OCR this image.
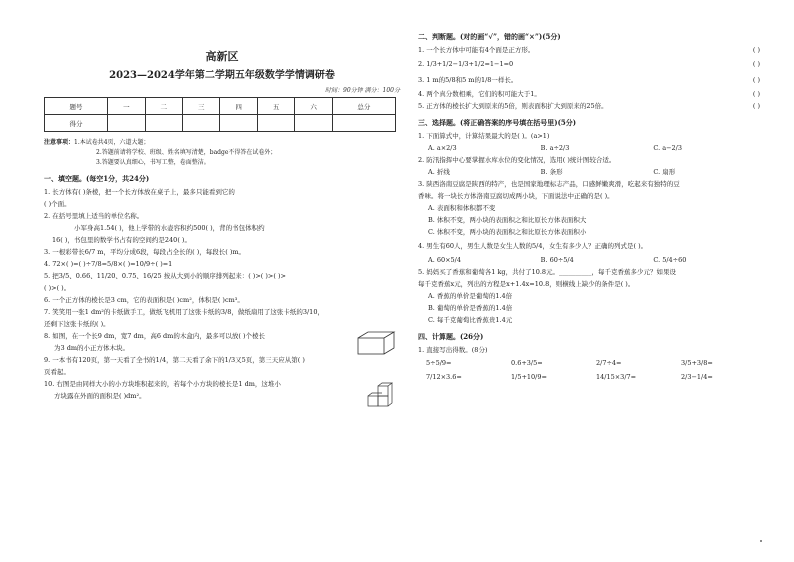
高新区
2023—2024学年第二学期五年级数学学情调研卷
时间：90分钟 满分：100分
题号	一	二	三	四	五	六	总分
得分							
注意事项：1.本试卷共4页，六道大题；
2.答题前请将学校、班级、姓名填写清楚，badge不得答在试卷外；
3.答题要认真细心，书写工整，卷面整洁。
一、填空题。(每空1分，共24分)
1. 长方体有( )条棱，把一个长方体放在桌子上，最多只能看到它的
( )个面。
2. 在括号里填上适当的单位名称。
小军身高1.54( )，他上学带的水壶容积约500( )，背的书包体积约
16( )，书包里的数学书占有的空间约是240( )。
3. 一根彩带长6/7 m，平均分成6段，每段占全长的( )，每段长( )m。
4. 72×( )=( )÷7/8=5/8×( )=10/9÷( )=1
5. 把3/5、0.66、11/20、0.75、16/25 按从大到小的顺序排列起来：( )>( )>( )>
( )>( )。
6. 一个正方体的棱长是3 cm，它的表面积是( )cm²，体积是( )cm³。
7. 笑笑用一张1 dm²的卡纸做手工，做纸飞机用了这张卡纸的3/8，做纸扇用了这张卡纸的3/10，
还剩下这张卡纸的( )。
8. 如图，在一个长9 dm，宽7 dm，高6 dm的木盒内，最多可以放( )个棱长
为3 dm的小正方体木块。
9. 一本书有120页，第一天看了全书的1/4，第二天看了余下的1/3又5页，第三天应从第( )
页看起。
10. 右图是由同样大小的小方块堆积起来的，若每个小方块的棱长是1 dm，这堆小
方块露在外面的面积是( )dm²。
二、判断题。(对的画“√”，错的画“×”)(5分)
1. 一个长方体中可能有4个面是正方形。	( )
2. 1/3+1/2−1/3+1/2=1−1=0	( )
3. 1 m的5/8和5 m的1/8一样长。	( )
4. 两个真分数相乘，它们的积可能大于1。	( )
5. 正方体的棱长扩大到原来的5倍，则表面积扩大到原来的25倍。	( )
三、选择题。(将正确答案的序号填在括号里)(5分)
1. 下面算式中，计算结果最大的是( )。(a>1)
A. a×2/3	B. a÷2/3	C. a−2/3
2. 防汛指挥中心要掌握水库水位的变化情况，选用( )统计图较合适。
A. 折线	B. 条形	C. 扇形
3. 陕西洛南豆腐是陕西的特产，也是国家地理标志产品，口感鲜嫩爽滑，吃起来有独特的豆
香味。将一块长方体洛南豆腐切成两小块，下面说法中正确的是( )。
A. 表面积和体积都不变
B. 体积不变，两小块的表面积之和比原长方体表面积大
C. 体积不变，两小块的表面积之和比原长方体表面积小
4. 男生有60人，男生人数是女生人数的5/4，女生有多少人？正确的列式是( )。
A. 60×5/4	B. 60÷5/4	C. 5/4÷60
5. 妈妈买了香蕉和葡萄各1 kg，共付了10.8元。__________，每千克香蕉多少元？如果设
每千克香蕉x元，列出的方程是x+1.4x=10.8，则横线上缺少的条件是( )。
A. 香蕉的单价是葡萄的1.4倍
B. 葡萄的单价是香蕉的1.4倍
C. 每千克葡萄比香蕉贵1.4元
四、计算题。(26分)
1. 直接写出得数。(8分)
5÷5/9=	0.6+3/5=	2/7÷4=	3/5+3/8=
7/12×3.6=	1/5+10/9=	14/15×3/7=	2/3−1/4=
